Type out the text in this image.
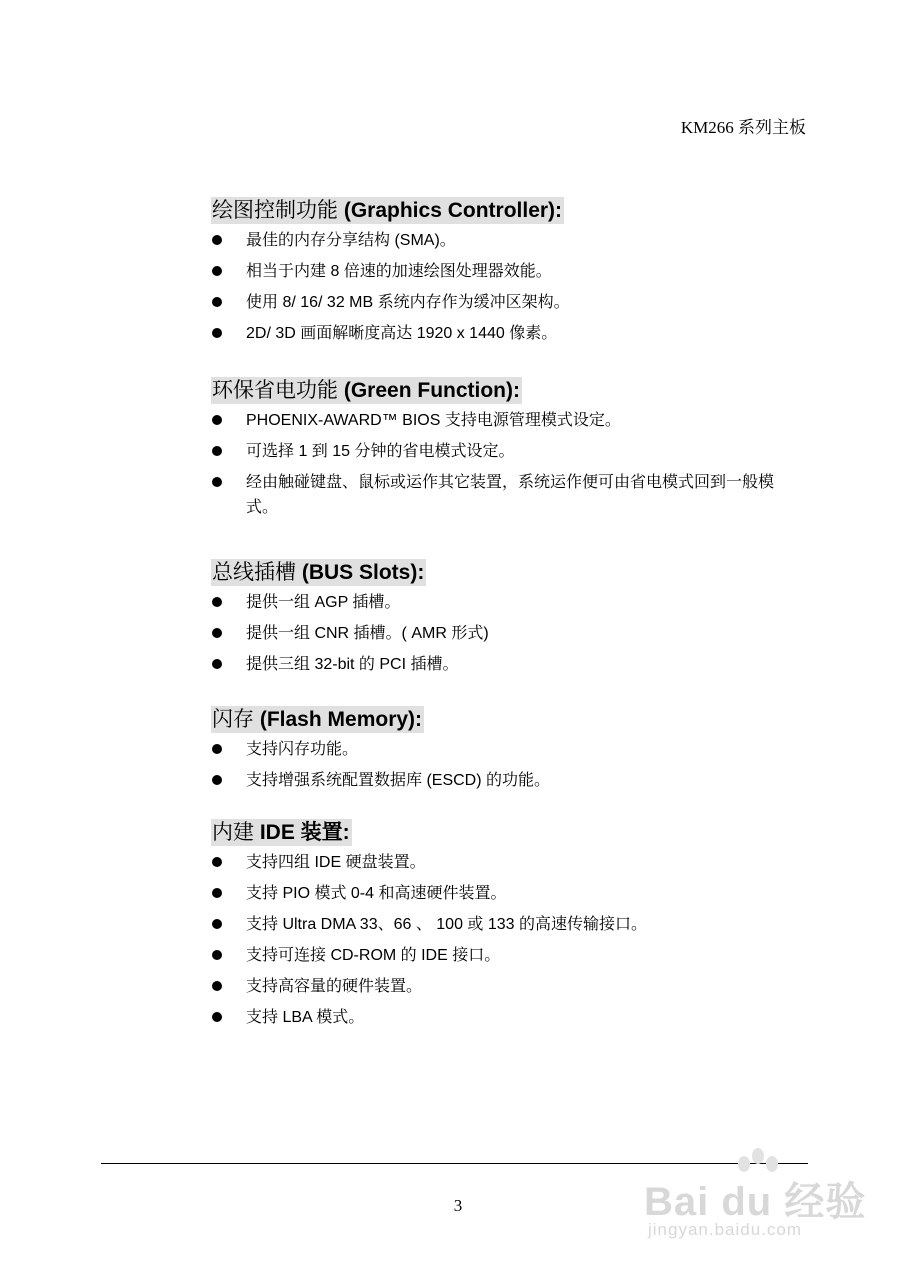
KM266 系列主板
绘图控制功能 (Graphics Controller):
最佳的内存分享结构 (SMA)。
相当于内建 8 倍速的加速绘图处理器效能。
使用 8/ 16/ 32 MB 系统内存作为缓冲区架构。
2D/ 3D 画面解晰度高达 1920 x 1440 像素。
环保省电功能 (Green Function):
PHOENIX-AWARD™ BIOS 支持电源管理模式设定。
可选择 1 到 15 分钟的省电模式设定。
经由触碰键盘、鼠标或运作其它装置，系统运作便可由省电模式回到一般模式。
总线插槽 (BUS Slots):
提供一组 AGP 插槽。
提供一组 CNR 插槽。( AMR 形式)
提供三组 32-bit 的 PCI 插槽。
闪存 (Flash Memory):
支持闪存功能。
支持增强系统配置数据库 (ESCD) 的功能。
内建 IDE 装置:
支持四组 IDE 硬盘装置。
支持 PIO 模式 0-4 和高速硬件装置。
支持 Ultra DMA 33、66 、 100 或 133 的高速传输接口。
支持可连接 CD-ROM 的 IDE 接口。
支持高容量的硬件装置。
支持 LBA 模式。
3	Bai du 经验
jingyan.baidu.com
